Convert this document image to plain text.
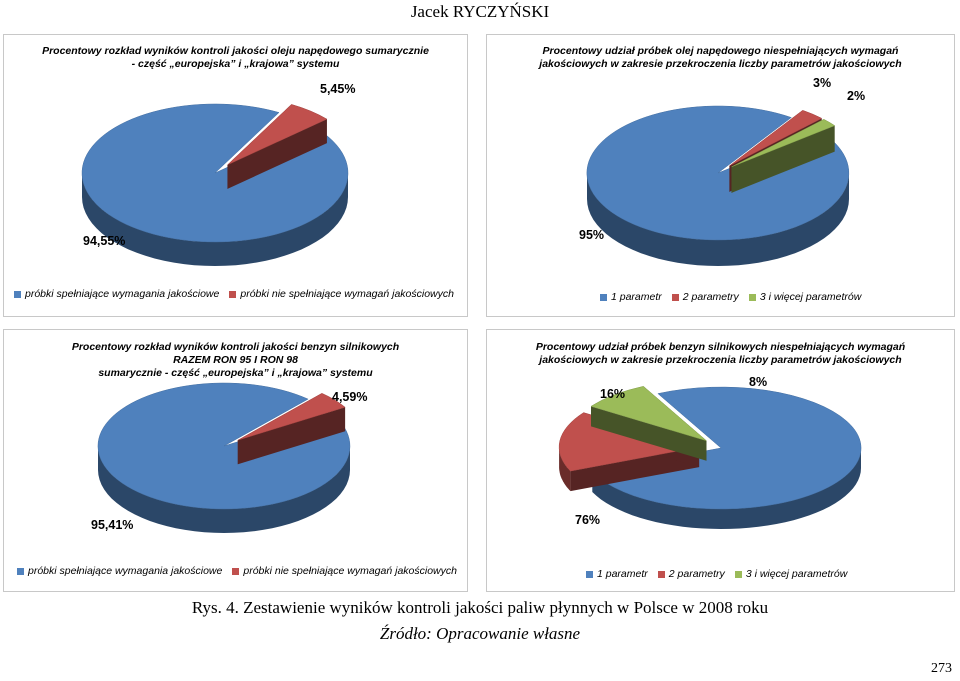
Jacek RYCZYŃSKI
Procentowy rozkład wyników kontroli jakości oleju napędowego sumarycznie
- część „europejska” i „krajowa” systemu
94,55%
5,45%
próbki spełniające wymagania jakościowe próbki nie spełniające wymagań jakościowych
Procentowy udział próbek olej napędowego niespełniających wymagań
jakościowych w zakresie przekroczenia liczby parametrów jakościowych
95%
3%
2%
1 parametr 2 parametry 3 i więcej parametrów
Procentowy rozkład wyników kontroli jakości benzyn silnikowych
RAZEM RON 95 I RON 98
sumarycznie - część „europejska” i „krajowa” systemu
95,41%
4,59%
próbki spełniające wymagania jakościowe próbki nie spełniające wymagań jakościowych
Procentowy udział próbek benzyn silnikowych niespełniających wymagań
jakościowych w zakresie przekroczenia liczby parametrów jakościowych
76%
16%
8%
1 parametr 2 parametry 3 i więcej parametrów
Rys. 4. Zestawienie wyników kontroli jakości paliw płynnych w Polsce w 2008 roku
Źródło: Opracowanie własne
273
